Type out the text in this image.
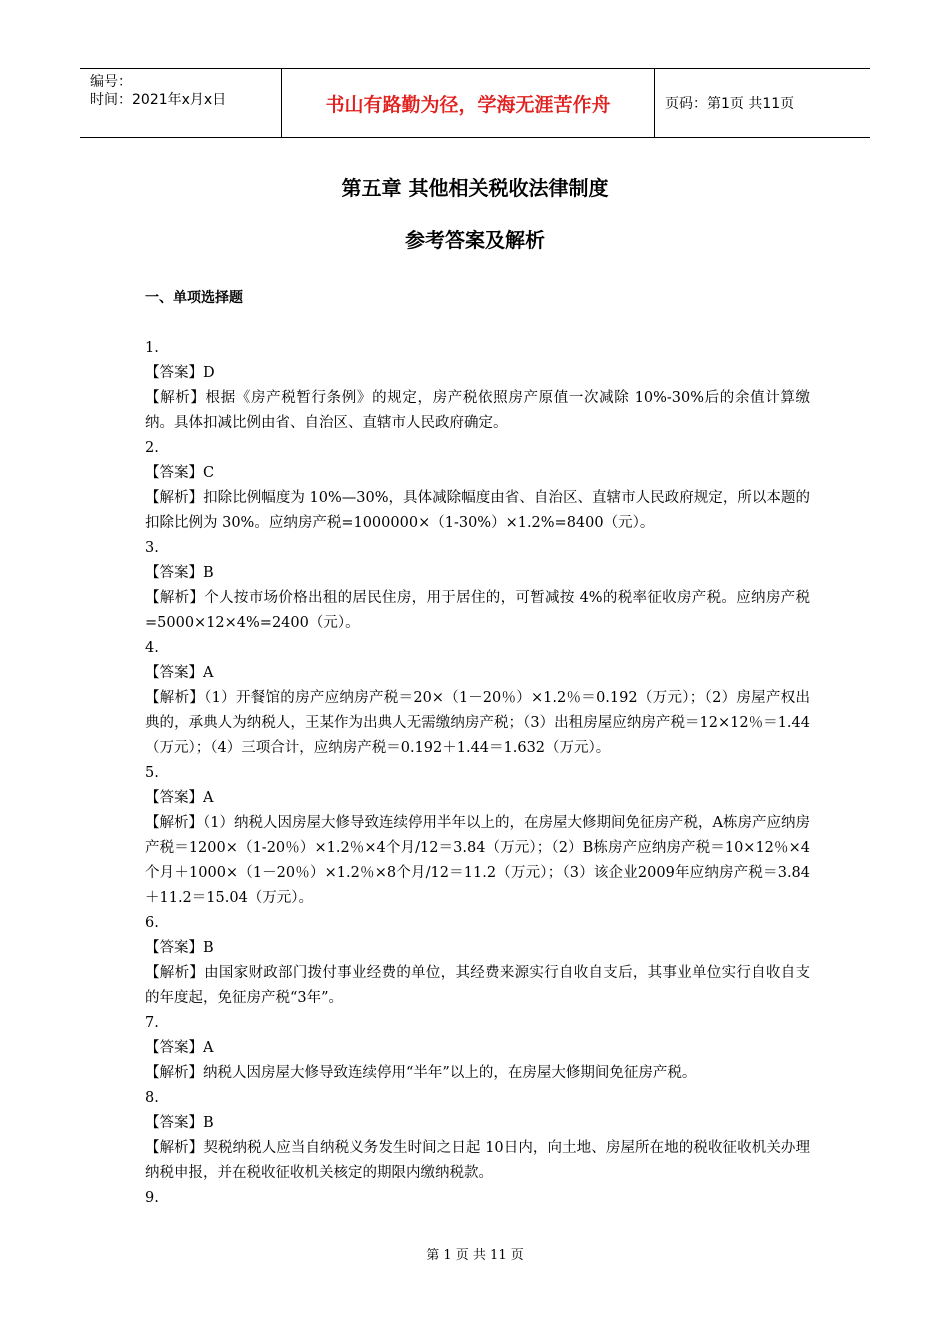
编号：
时间：2021年x月x日	书山有路勤为径，学海无涯苦作舟	页码：第1页 共11页
第五章 其他相关税收法律制度
参考答案及解析
一、单项选择题

1.

【答案】D

【解析】根据《房产税暂行条例》的规定，房产税依照房产原值一次减除 10%-30%后的余值计算缴纳。具体扣减比例由省、自治区、直辖市人民政府确定。

2.

【答案】C

【解析】扣除比例幅度为 10%—30%，具体减除幅度由省、自治区、直辖市人民政府规定，所以本题的扣除比例为 30%。应纳房产税=1000000×（1-30%）×1.2%=8400（元）。

3.

【答案】B

【解析】个人按市场价格出租的居民住房，用于居住的，可暂减按 4%的税率征收房产税。应纳房产税=5000×12×4%=2400（元）。

4.

【答案】A

【解析】（1）开餐馆的房产应纳房产税＝20×（1－20％）×1.2％＝0.192（万元）；（2）房屋产权出典的，承典人为纳税人，王某作为出典人无需缴纳房产税；（3）出租房屋应纳房产税＝12×12％＝1.44（万元）；（4）三项合计，应纳房产税＝0.192＋1.44＝1.632（万元）。

5.

【答案】A

【解析】（1）纳税人因房屋大修导致连续停用半年以上的，在房屋大修期间免征房产税，A栋房产应纳房产税＝1200×（1-20％）×1.2％×4个月/12＝3.84（万元）；（2）B栋房产应纳房产税＝10×12％×4个月＋1000×（1－20％）×1.2％×8个月/12＝11.2（万元）；（3）该企业2009年应纳房产税＝3.84＋11.2＝15.04（万元）。

6.

【答案】B

【解析】由国家财政部门拨付事业经费的单位，其经费来源实行自收自支后，其事业单位实行自收自支的年度起，免征房产税“3年”。

7.

【答案】A

【解析】纳税人因房屋大修导致连续停用“半年”以上的，在房屋大修期间免征房产税。

8.

【答案】B

【解析】契税纳税人应当自纳税义务发生时间之日起 10日内，向土地、房屋所在地的税收征收机关办理纳税申报，并在税收征收机关核定的期限内缴纳税款。

9.

第 1 页 共 11 页
